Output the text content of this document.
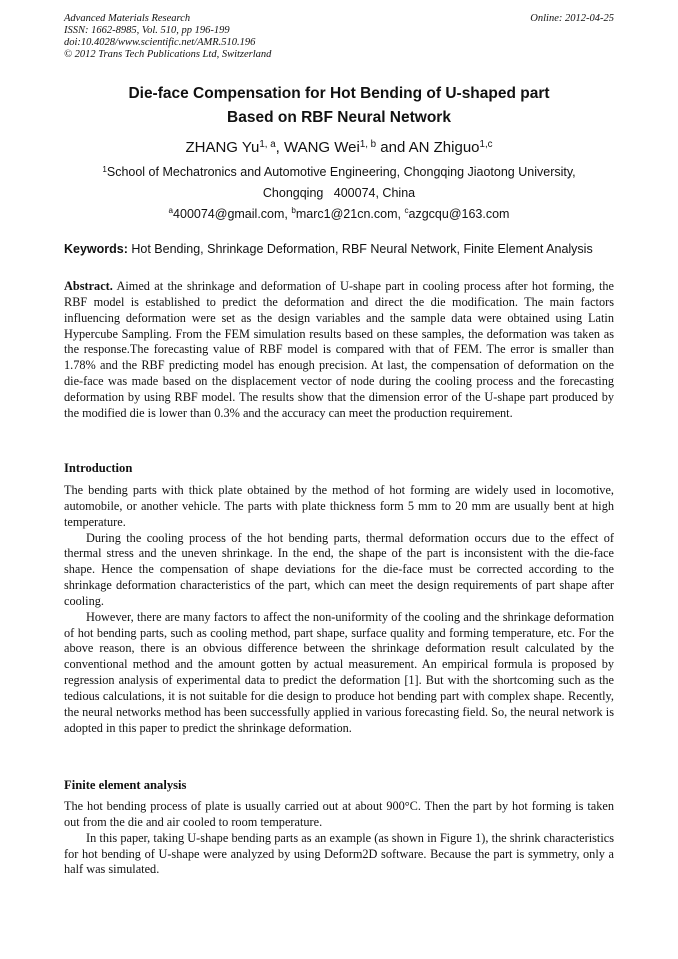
Advanced Materials Research
ISSN: 1662-8985, Vol. 510, pp 196-199
doi:10.4028/www.scientific.net/AMR.510.196
© 2012 Trans Tech Publications Ltd, Switzerland
Online: 2012-04-25
Die-face Compensation for Hot Bending of U-shaped part
Based on RBF Neural Network
ZHANG Yu$^{1, a}$, WANG Wei$^{1, b}$ and AN Zhiguo$^{1,c}$
$^1$School of Mechatronics and Automotive Engineering, Chongqing Jiaotong University,
Chongqing   400074, China
$^a$400074@gmail.com, $^b$marc1@21cn.com, $^c$azgcqu@163.com
Keywords: Hot Bending, Shrinkage Deformation, RBF Neural Network, Finite Element Analysis

Abstract. Aimed at the shrinkage and deformation of U-shape part in cooling process after hot forming, the RBF model is established to predict the deformation and direct the die modification. The main factors influencing deformation were set as the design variables and the sample data were obtained using Latin Hypercube Sampling. From the FEM simulation results based on these samples, the deformation was taken as the response.The forecasting value of RBF model is compared with that of FEM. The error is smaller than 1.78% and the RBF predicting model has enough precision. At last, the compensation of deformation on the die-face was made based on the displacement vector of node during the cooling process and the forecasting deformation by using RBF model. The results show that the dimension error of the U-shape part produced by the modified die is lower than 0.3% and the accuracy can meet the production requirement.

Introduction

The bending parts with thick plate obtained by the method of hot forming are widely used in locomotive, automobile, or another vehicle. The parts with plate thickness form 5 mm to 20 mm are usually bent at high temperature.

During the cooling process of the hot bending parts, thermal deformation occurs due to the effect of thermal stress and the uneven shrinkage. In the end, the shape of the part is inconsistent with the die-face shape. Hence the compensation of shape deviations for the die-face must be corrected according to the shrinkage deformation characteristics of the part, which can meet the design requirements of part shape after cooling.

However, there are many factors to affect the non-uniformity of the cooling and the shrinkage deformation of hot bending parts, such as cooling method, part shape, surface quality and forming temperature, etc. For the above reason, there is an obvious difference between the shrinkage deformation result calculated by the conventional method and the amount gotten by actual measurement. An empirical formula is proposed by regression analysis of experimental data to predict the deformation [1]. But with the shortcoming such as the tedious calculations, it is not suitable for die design to produce hot bending part with complex shape. Recently, the neural networks method has been successfully applied in various forecasting field. So, the neural network is adopted in this paper to predict the shrinkage deformation.

Finite element analysis

The hot bending process of plate is usually carried out at about 900°C. Then the part by hot forming is taken out from the die and air cooled to room temperature.

In this paper, taking U-shape bending parts as an example (as shown in Figure 1), the shrink characteristics for hot bending of U-shape were analyzed by using Deform2D software. Because the part is symmetry, only a half was simulated.
